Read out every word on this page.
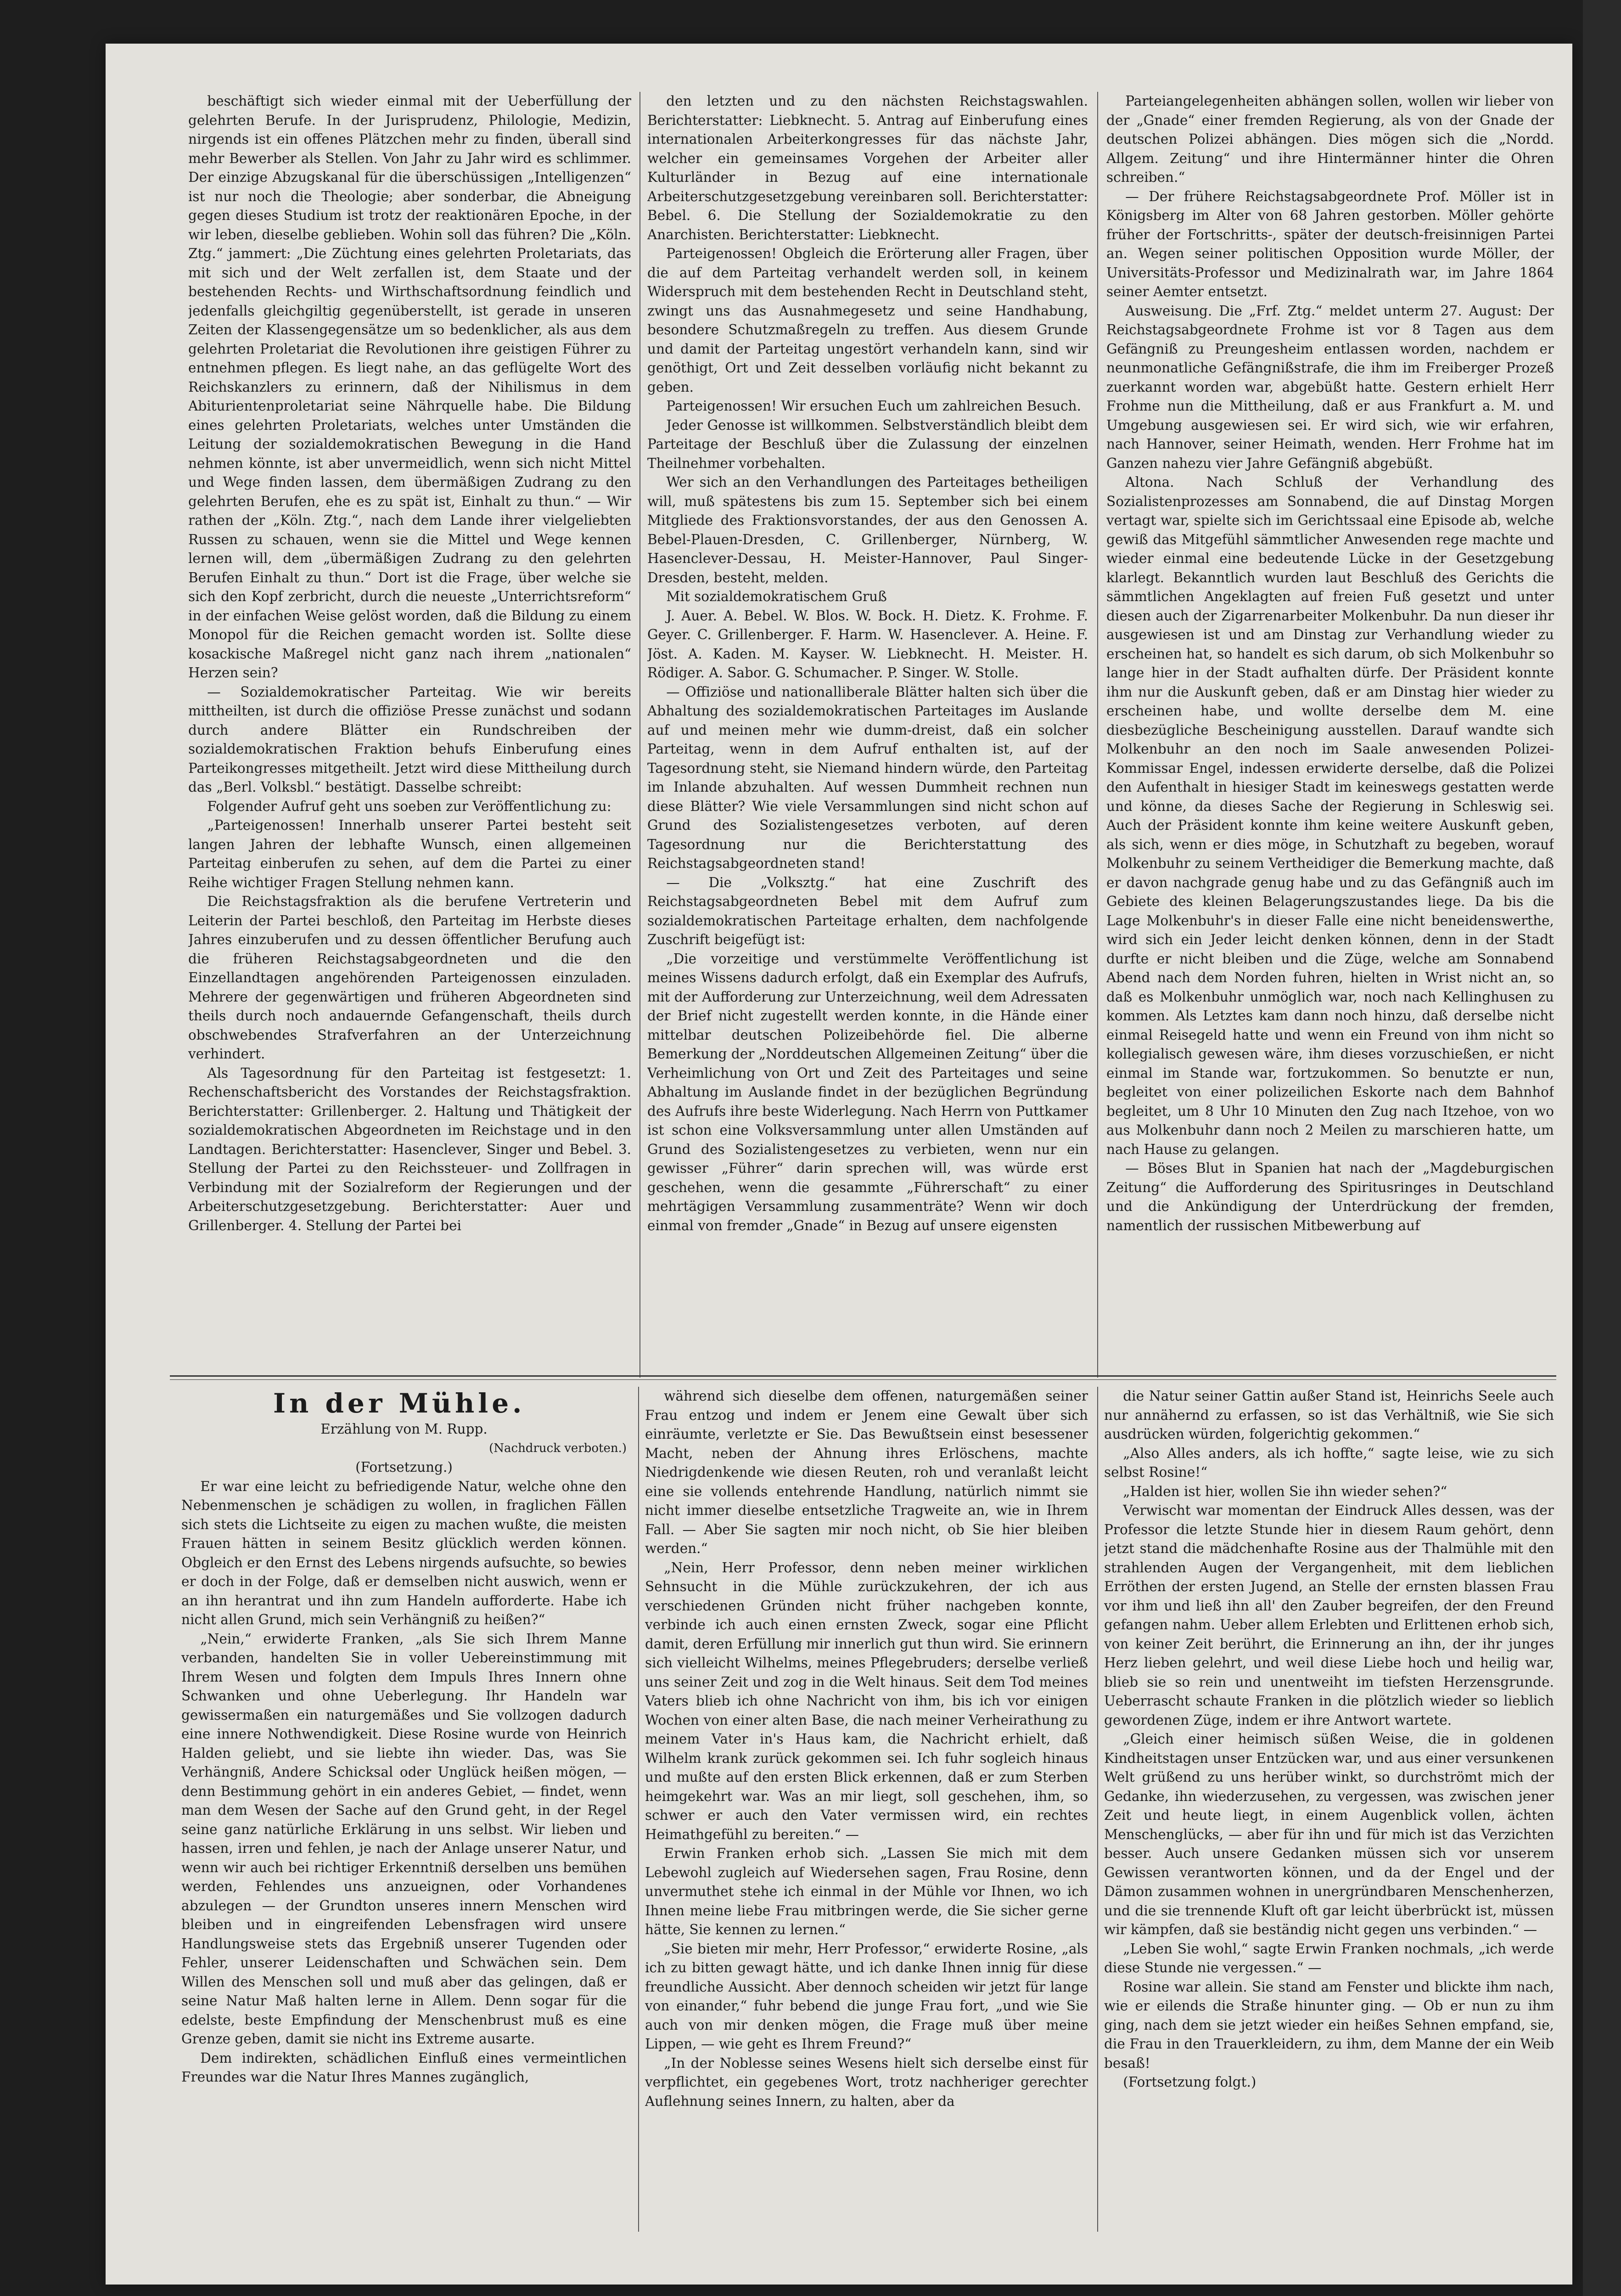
beschäftigt sich wieder einmal mit der Ueberfüllung der gelehrten Berufe. In der Jurisprudenz, Philologie, Medizin, nirgends ist ein offenes Plätzchen mehr zu finden, überall sind mehr Bewerber als Stellen. Von Jahr zu Jahr wird es schlimmer. Der einzige Abzugskanal für die überschüssigen „Intelligenzen“ ist nur noch die Theologie; aber sonderbar, die Abneigung gegen dieses Studium ist trotz der reaktionären Epoche, in der wir leben, dieselbe geblieben. Wohin soll das führen? Die „Köln. Ztg.“ jammert: „Die Züchtung eines gelehrten Proletariats, das mit sich und der Welt zerfallen ist, dem Staate und der bestehenden Rechts- und Wirthschaftsordnung feindlich und jedenfalls gleichgiltig gegenüberstellt, ist gerade in unseren Zeiten der Klassengegensätze um so bedenklicher, als aus dem gelehrten Proletariat die Revolutionen ihre geistigen Führer zu entnehmen pflegen. Es liegt nahe, an das geflügelte Wort des Reichskanzlers zu erinnern, daß der Nihilismus in dem Abiturientenproletariat seine Nährquelle habe. Die Bildung eines gelehrten Proletariats, welches unter Umständen die Leitung der sozialdemokratischen Bewegung in die Hand nehmen könnte, ist aber unvermeidlich, wenn sich nicht Mittel und Wege finden lassen, dem übermäßigen Zudrang zu den gelehrten Berufen, ehe es zu spät ist, Einhalt zu thun.“ — Wir rathen der „Köln. Ztg.“, nach dem Lande ihrer vielgeliebten Russen zu schauen, wenn sie die Mittel und Wege kennen lernen will, dem „übermäßigen Zudrang zu den gelehrten Berufen Einhalt zu thun.“ Dort ist die Frage, über welche sie sich den Kopf zerbricht, durch die neueste „Unterrichtsreform“ in der einfachen Weise gelöst worden, daß die Bildung zu einem Monopol für die Reichen gemacht worden ist. Sollte diese kosackische Maßregel nicht ganz nach ihrem „nationalen“ Herzen sein?

— Sozialdemokratischer Parteitag. Wie wir bereits mittheilten, ist durch die offiziöse Presse zunächst und sodann durch andere Blätter ein Rundschreiben der sozialdemokratischen Fraktion behufs Einberufung eines Parteikongresses mitgetheilt. Jetzt wird diese Mittheilung durch das „Berl. Volksbl.“ bestätigt. Dasselbe schreibt:

Folgender Aufruf geht uns soeben zur Veröffentlichung zu:

„Parteigenossen! Innerhalb unserer Partei besteht seit langen Jahren der lebhafte Wunsch, einen allgemeinen Parteitag einberufen zu sehen, auf dem die Partei zu einer Reihe wichtiger Fragen Stellung nehmen kann.

Die Reichstagsfraktion als die berufene Vertreterin und Leiterin der Partei beschloß, den Parteitag im Herbste dieses Jahres einzuberufen und zu dessen öffentlicher Berufung auch die früheren Reichstagsabgeordneten und die den Einzellandtagen angehörenden Parteigenossen einzuladen. Mehrere der gegenwärtigen und früheren Abgeordneten sind theils durch noch andauernde Gefangenschaft, theils durch obschwebendes Strafverfahren an der Unterzeichnung verhindert.

Als Tagesordnung für den Parteitag ist festgesetzt: 1. Rechenschaftsbericht des Vorstandes der Reichstagsfraktion. Berichterstatter: Grillenberger. 2. Haltung und Thätigkeit der sozialdemokratischen Abgeordneten im Reichstage und in den Landtagen. Berichterstatter: Hasenclever, Singer und Bebel. 3. Stellung der Partei zu den Reichssteuer- und Zollfragen in Verbindung mit der Sozialreform der Regierungen und der Arbeiterschutzgesetzgebung. Berichterstatter: Auer und Grillenberger. 4. Stellung der Partei bei

den letzten und zu den nächsten Reichstagswahlen. Berichterstatter: Liebknecht. 5. Antrag auf Einberufung eines internationalen Arbeiterkongresses für das nächste Jahr, welcher ein gemeinsames Vorgehen der Arbeiter aller Kulturländer in Bezug auf eine internationale Arbeiterschutzgesetzgebung vereinbaren soll. Berichterstatter: Bebel. 6. Die Stellung der Sozialdemokratie zu den Anarchisten. Berichterstatter: Liebknecht.

Parteigenossen! Obgleich die Erörterung aller Fragen, über die auf dem Parteitag verhandelt werden soll, in keinem Widerspruch mit dem bestehenden Recht in Deutschland steht, zwingt uns das Ausnahmegesetz und seine Handhabung, besondere Schutzmaßregeln zu treffen. Aus diesem Grunde und damit der Parteitag ungestört verhandeln kann, sind wir genöthigt, Ort und Zeit desselben vorläufig nicht bekannt zu geben.

Parteigenossen! Wir ersuchen Euch um zahlreichen Besuch.

Jeder Genosse ist willkommen. Selbstverständlich bleibt dem Parteitage der Beschluß über die Zulassung der einzelnen Theilnehmer vorbehalten.

Wer sich an den Verhandlungen des Parteitages betheiligen will, muß spätestens bis zum 15. September sich bei einem Mitgliede des Fraktionsvorstandes, der aus den Genossen A. Bebel-Plauen-Dresden, C. Grillenberger, Nürnberg, W. Hasenclever-Dessau, H. Meister-Hannover, Paul Singer-Dresden, besteht, melden.

Mit sozialdemokratischem Gruß

J. Auer. A. Bebel. W. Blos. W. Bock. H. Dietz. K. Frohme. F. Geyer. C. Grillenberger. F. Harm. W. Hasenclever. A. Heine. F. Jöst. A. Kaden. M. Kayser. W. Liebknecht. H. Meister. H. Rödiger. A. Sabor. G. Schumacher. P. Singer. W. Stolle.

— Offiziöse und nationalliberale Blätter halten sich über die Abhaltung des sozialdemokratischen Parteitages im Auslande auf und meinen mehr wie dumm-dreist, daß ein solcher Parteitag, wenn in dem Aufruf enthalten ist, auf der Tagesordnung steht, sie Niemand hindern würde, den Parteitag im Inlande abzuhalten. Auf wessen Dummheit rechnen nun diese Blätter? Wie viele Versammlungen sind nicht schon auf Grund des Sozialistengesetzes verboten, auf deren Tagesordnung nur die Berichterstattung des Reichstagsabgeordneten stand!

— Die „Volksztg.“ hat eine Zuschrift des Reichstagsabgeordneten Bebel mit dem Aufruf zum sozialdemokratischen Parteitage erhalten, dem nachfolgende Zuschrift beigefügt ist:

„Die vorzeitige und verstümmelte Veröffentlichung ist meines Wissens dadurch erfolgt, daß ein Exemplar des Aufrufs, mit der Aufforderung zur Unterzeichnung, weil dem Adressaten der Brief nicht zugestellt werden konnte, in die Hände einer mittelbar deutschen Polizeibehörde fiel. Die alberne Bemerkung der „Norddeutschen Allgemeinen Zeitung“ über die Verheimlichung von Ort und Zeit des Parteitages und seine Abhaltung im Auslande findet in der bezüglichen Begründung des Aufrufs ihre beste Widerlegung. Nach Herrn von Puttkamer ist schon eine Volksversammlung unter allen Umständen auf Grund des Sozialistengesetzes zu verbieten, wenn nur ein gewisser „Führer“ darin sprechen will, was würde erst geschehen, wenn die gesammte „Führerschaft“ zu einer mehrtägigen Versammlung zusammenträte? Wenn wir doch einmal von fremder „Gnade“ in Bezug auf unsere eigensten

Parteiangelegenheiten abhängen sollen, wollen wir lieber von der „Gnade“ einer fremden Regierung, als von der Gnade der deutschen Polizei abhängen. Dies mögen sich die „Nordd. Allgem. Zeitung“ und ihre Hintermänner hinter die Ohren schreiben.“

— Der frühere Reichstagsabgeordnete Prof. Möller ist in Königsberg im Alter von 68 Jahren gestorben. Möller gehörte früher der Fortschritts-, später der deutsch-freisinnigen Partei an. Wegen seiner politischen Opposition wurde Möller, der Universitäts-Professor und Medizinalrath war, im Jahre 1864 seiner Aemter entsetzt.

Ausweisung. Die „Frf. Ztg.“ meldet unterm 27. August: Der Reichstagsabgeordnete Frohme ist vor 8 Tagen aus dem Gefängniß zu Preungesheim entlassen worden, nachdem er neunmonatliche Gefängnißstrafe, die ihm im Freiberger Prozeß zuerkannt worden war, abgebüßt hatte. Gestern erhielt Herr Frohme nun die Mittheilung, daß er aus Frankfurt a. M. und Umgebung ausgewiesen sei. Er wird sich, wie wir erfahren, nach Hannover, seiner Heimath, wenden. Herr Frohme hat im Ganzen nahezu vier Jahre Gefängniß abgebüßt.

Altona. Nach Schluß der Verhandlung des Sozialistenprozesses am Sonnabend, die auf Dinstag Morgen vertagt war, spielte sich im Gerichtssaal eine Episode ab, welche gewiß das Mitgefühl sämmtlicher Anwesenden rege machte und wieder einmal eine bedeutende Lücke in der Gesetzgebung klarlegt. Bekanntlich wurden laut Beschluß des Gerichts die sämmtlichen Angeklagten auf freien Fuß gesetzt und unter diesen auch der Zigarrenarbeiter Molkenbuhr. Da nun dieser ihr ausgewiesen ist und am Dinstag zur Verhandlung wieder zu erscheinen hat, so handelt es sich darum, ob sich Molkenbuhr so lange hier in der Stadt aufhalten dürfe. Der Präsident konnte ihm nur die Auskunft geben, daß er am Dinstag hier wieder zu erscheinen habe, und wollte derselbe dem M. eine diesbezügliche Bescheinigung ausstellen. Darauf wandte sich Molkenbuhr an den noch im Saale anwesenden Polizei-Kommissar Engel, indessen erwiderte derselbe, daß die Polizei den Aufenthalt in hiesiger Stadt im keineswegs gestatten werde und könne, da dieses Sache der Regierung in Schleswig sei. Auch der Präsident konnte ihm keine weitere Auskunft geben, als sich, wenn er dies möge, in Schutzhaft zu begeben, worauf Molkenbuhr zu seinem Vertheidiger die Bemerkung machte, daß er davon nachgrade genug habe und zu das Gefängniß auch im Gebiete des kleinen Belagerungszustandes liege. Da bis die Lage Molkenbuhr's in dieser Falle eine nicht beneidenswerthe, wird sich ein Jeder leicht denken können, denn in der Stadt durfte er nicht bleiben und die Züge, welche am Sonnabend Abend nach dem Norden fuhren, hielten in Wrist nicht an, so daß es Molkenbuhr unmöglich war, noch nach Kellinghusen zu kommen. Als Letztes kam dann noch hinzu, daß derselbe nicht einmal Reisegeld hatte und wenn ein Freund von ihm nicht so kollegialisch gewesen wäre, ihm dieses vorzuschießen, er nicht einmal im Stande war, fortzukommen. So benutzte er nun, begleitet von einer polizeilichen Eskorte nach dem Bahnhof begleitet, um 8 Uhr 10 Minuten den Zug nach Itzehoe, von wo aus Molkenbuhr dann noch 2 Meilen zu marschieren hatte, um nach Hause zu gelangen.

— Böses Blut in Spanien hat nach der „Magdeburgischen Zeitung“ die Aufforderung des Spiritusringes in Deutschland und die Ankündigung der Unterdrückung der fremden, namentlich der russischen Mitbewerbung auf

In der Mühle.

Erzählung von M. Rupp.

(Nachdruck verboten.)

(Fortsetzung.)

Er war eine leicht zu befriedigende Natur, welche ohne den Nebenmenschen je schädigen zu wollen, in fraglichen Fällen sich stets die Lichtseite zu eigen zu machen wußte, die meisten Frauen hätten in seinem Besitz glücklich werden können. Obgleich er den Ernst des Lebens nirgends aufsuchte, so bewies er doch in der Folge, daß er demselben nicht auswich, wenn er an ihn herantrat und ihn zum Handeln aufforderte. Habe ich nicht allen Grund, mich sein Verhängniß zu heißen?“

„Nein,“ erwiderte Franken, „als Sie sich Ihrem Manne verbanden, handelten Sie in voller Uebereinstimmung mit Ihrem Wesen und folgten dem Impuls Ihres Innern ohne Schwanken und ohne Ueberlegung. Ihr Handeln war gewissermaßen ein naturgemäßes und Sie vollzogen dadurch eine innere Nothwendigkeit. Diese Rosine wurde von Heinrich Halden geliebt, und sie liebte ihn wieder. Das, was Sie Verhängniß, Andere Schicksal oder Unglück heißen mögen, — denn Bestimmung gehört in ein anderes Gebiet, — findet, wenn man dem Wesen der Sache auf den Grund geht, in der Regel seine ganz natürliche Erklärung in uns selbst. Wir lieben und hassen, irren und fehlen, je nach der Anlage unserer Natur, und wenn wir auch bei richtiger Erkenntniß derselben uns bemühen werden, Fehlendes uns anzueignen, oder Vorhandenes abzulegen — der Grundton unseres innern Menschen wird bleiben und in eingreifenden Lebensfragen wird unsere Handlungsweise stets das Ergebniß unserer Tugenden oder Fehler, unserer Leidenschaften und Schwächen sein. Dem Willen des Menschen soll und muß aber das gelingen, daß er seine Natur Maß halten lerne in Allem. Denn sogar für die edelste, beste Empfindung der Menschenbrust muß es eine Grenze geben, damit sie nicht ins Extreme ausarte.

Dem indirekten, schädlichen Einfluß eines vermeintlichen Freundes war die Natur Ihres Mannes zugänglich,

während sich dieselbe dem offenen, naturgemäßen seiner Frau entzog und indem er Jenem eine Gewalt über sich einräumte, verletzte er Sie. Das Bewußtsein einst besessener Macht, neben der Ahnung ihres Erlöschens, machte Niedrigdenkende wie diesen Reuten, roh und veranlaßt leicht eine sie vollends entehrende Handlung, natürlich nimmt sie nicht immer dieselbe entsetzliche Tragweite an, wie in Ihrem Fall. — Aber Sie sagten mir noch nicht, ob Sie hier bleiben werden.“

„Nein, Herr Professor, denn neben meiner wirklichen Sehnsucht in die Mühle zurückzukehren, der ich aus verschiedenen Gründen nicht früher nachgeben konnte, verbinde ich auch einen ernsten Zweck, sogar eine Pflicht damit, deren Erfüllung mir innerlich gut thun wird. Sie erinnern sich vielleicht Wilhelms, meines Pflegebruders; derselbe verließ uns seiner Zeit und zog in die Welt hinaus. Seit dem Tod meines Vaters blieb ich ohne Nachricht von ihm, bis ich vor einigen Wochen von einer alten Base, die nach meiner Verheirathung zu meinem Vater in's Haus kam, die Nachricht erhielt, daß Wilhelm krank zurück gekommen sei. Ich fuhr sogleich hinaus und mußte auf den ersten Blick erkennen, daß er zum Sterben heimgekehrt war. Was an mir liegt, soll geschehen, ihm, so schwer er auch den Vater vermissen wird, ein rechtes Heimathgefühl zu bereiten.“ —

Erwin Franken erhob sich. „Lassen Sie mich mit dem Lebewohl zugleich auf Wiedersehen sagen, Frau Rosine, denn unvermuthet stehe ich einmal in der Mühle vor Ihnen, wo ich Ihnen meine liebe Frau mitbringen werde, die Sie sicher gerne hätte, Sie kennen zu lernen.“

„Sie bieten mir mehr, Herr Professor,“ erwiderte Rosine, „als ich zu bitten gewagt hätte, und ich danke Ihnen innig für diese freundliche Aussicht. Aber dennoch scheiden wir jetzt für lange von einander,“ fuhr bebend die junge Frau fort, „und wie Sie auch von mir denken mögen, die Frage muß über meine Lippen, — wie geht es Ihrem Freund?“

„In der Noblesse seines Wesens hielt sich derselbe einst für verpflichtet, ein gegebenes Wort, trotz nachheriger gerechter Auflehnung seines Innern, zu halten, aber da

die Natur seiner Gattin außer Stand ist, Heinrichs Seele auch nur annähernd zu erfassen, so ist das Verhältniß, wie Sie sich ausdrücken würden, folgerichtig gekommen.“

„Also Alles anders, als ich hoffte,“ sagte leise, wie zu sich selbst Rosine!“

„Halden ist hier, wollen Sie ihn wieder sehen?“

Verwischt war momentan der Eindruck Alles dessen, was der Professor die letzte Stunde hier in diesem Raum gehört, denn jetzt stand die mädchenhafte Rosine aus der Thalmühle mit den strahlenden Augen der Vergangenheit, mit dem lieblichen Erröthen der ersten Jugend, an Stelle der ernsten blassen Frau vor ihm und ließ ihn all' den Zauber begreifen, der den Freund gefangen nahm. Ueber allem Erlebten und Erlittenen erhob sich, von keiner Zeit berührt, die Erinnerung an ihn, der ihr junges Herz lieben gelehrt, und weil diese Liebe hoch und heilig war, blieb sie so rein und unentweiht im tiefsten Herzensgrunde. Ueberrascht schaute Franken in die plötzlich wieder so lieblich gewordenen Züge, indem er ihre Antwort wartete.

„Gleich einer heimisch süßen Weise, die in goldenen Kindheitstagen unser Entzücken war, und aus einer versunkenen Welt grüßend zu uns herüber winkt, so durchströmt mich der Gedanke, ihn wiederzusehen, zu vergessen, was zwischen jener Zeit und heute liegt, in einem Augenblick vollen, ächten Menschenglücks, — aber für ihn und für mich ist das Verzichten besser. Auch unsere Gedanken müssen sich vor unserem Gewissen verantworten können, und da der Engel und der Dämon zusammen wohnen in unergründbaren Menschenherzen, und die sie trennende Kluft oft gar leicht überbrückt ist, müssen wir kämpfen, daß sie beständig nicht gegen uns verbinden.“ —

„Leben Sie wohl,“ sagte Erwin Franken nochmals, „ich werde diese Stunde nie vergessen.“ —

Rosine war allein. Sie stand am Fenster und blickte ihm nach, wie er eilends die Straße hinunter ging. — Ob er nun zu ihm ging, nach dem sie jetzt wieder ein heißes Sehnen empfand, sie, die Frau in den Trauerkleidern, zu ihm, dem Manne der ein Weib besaß!

(Fortsetzung folgt.)
